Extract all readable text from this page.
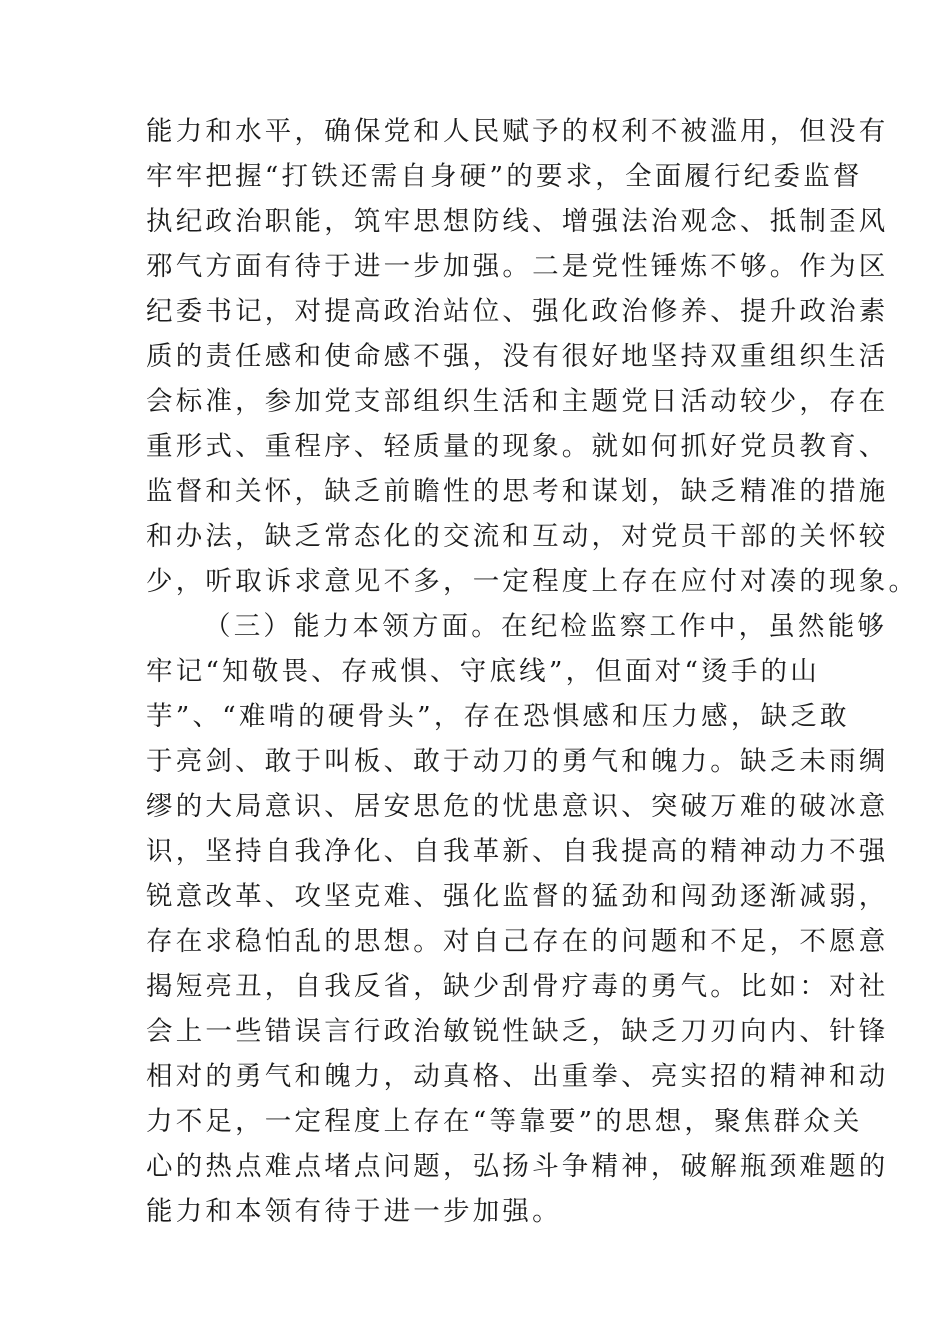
能力和水平，确保党和人民赋予的权利不被滥用，但没有
牢牢把握“打铁还需自身硬”的要求，全面履行纪委监督
执纪政治职能，筑牢思想防线、增强法治观念、抵制歪风
邪气方面有待于进一步加强。二是党性锤炼不够。作为区
纪委书记，对提高政治站位、强化政治修养、提升政治素
质的责任感和使命感不强，没有很好地坚持双重组织生活
会标准，参加党支部组织生活和主题党日活动较少，存在
重形式、重程序、轻质量的现象。就如何抓好党员教育、
监督和关怀，缺乏前瞻性的思考和谋划，缺乏精准的措施
和办法，缺乏常态化的交流和互动，对党员干部的关怀较
少，听取诉求意见不多，一定程度上存在应付对凑的现象。
（三）能力本领方面。在纪检监察工作中，虽然能够
牢记“知敬畏、存戒惧、守底线”，但面对“烫手的山
芋”、“难啃的硬骨头”，存在恐惧感和压力感，缺乏敢
于亮剑、敢于叫板、敢于动刀的勇气和魄力。缺乏未雨绸
缪的大局意识、居安思危的忧患意识、突破万难的破冰意
识，坚持自我净化、自我革新、自我提高的精神动力不强
锐意改革、攻坚克难、强化监督的猛劲和闯劲逐渐减弱，
存在求稳怕乱的思想。对自己存在的问题和不足，不愿意
揭短亮丑，自我反省，缺少刮骨疗毒的勇气。比如：对社
会上一些错误言行政治敏锐性缺乏，缺乏刀刃向内、针锋
相对的勇气和魄力，动真格、出重拳、亮实招的精神和动
力不足，一定程度上存在“等靠要”的思想，聚焦群众关
心的热点难点堵点问题，弘扬斗争精神，破解瓶颈难题的
能力和本领有待于进一步加强。
